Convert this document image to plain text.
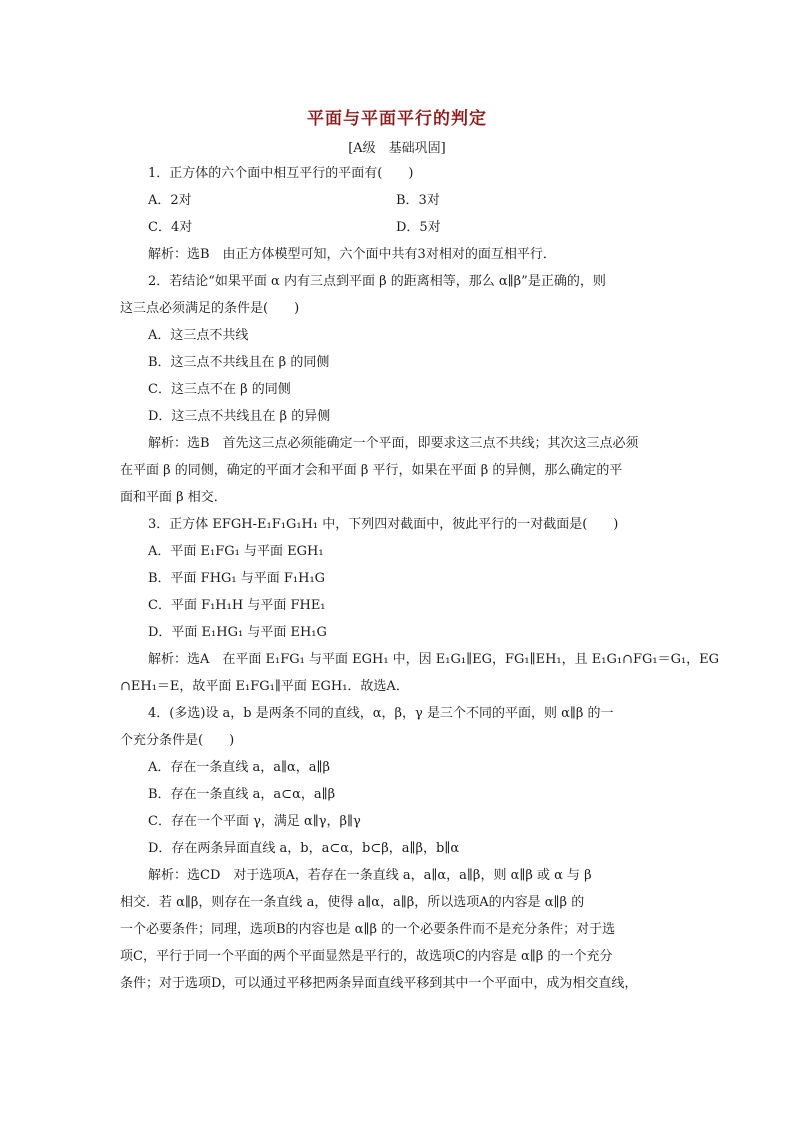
平面与平面平行的判定
[A级　基础巩固]
1．正方体的六个面中相互平行的平面有(　　)
A．2对	B．3对
C．4对	D．5对
解析：选B　由正方体模型可知，六个面中共有3对相对的面互相平行．
2．若结论“如果平面 α 内有三点到平面 β 的距离相等，那么 α∥β”是正确的，则
这三点必须满足的条件是(　　)
A．这三点不共线
B．这三点不共线且在 β 的同侧
C．这三点不在 β 的同侧
D．这三点不共线且在 β 的异侧
解析：选B　首先这三点必须能确定一个平面，即要求这三点不共线；其次这三点必须
在平面 β 的同侧，确定的平面才会和平面 β 平行，如果在平面 β 的异侧，那么确定的平
面和平面 β 相交．
3．正方体 EFGH-E₁F₁G₁H₁ 中，下列四对截面中，彼此平行的一对截面是(　　)
A．平面 E₁FG₁ 与平面 EGH₁
B．平面 FHG₁ 与平面 F₁H₁G
C．平面 F₁H₁H 与平面 FHE₁
D．平面 E₁HG₁ 与平面 EH₁G
解析：选A　在平面 E₁FG₁ 与平面 EGH₁ 中，因 E₁G₁∥EG，FG₁∥EH₁，且 E₁G₁∩FG₁＝G₁，EG
∩EH₁＝E，故平面 E₁FG₁∥平面 EGH₁．故选A．
4．(多选)设 a，b 是两条不同的直线，α，β，γ 是三个不同的平面，则 α∥β 的一
个充分条件是(　　)
A．存在一条直线 a，a∥α，a∥β
B．存在一条直线 a，a⊂α，a∥β
C．存在一个平面 γ，满足 α∥γ，β∥γ
D．存在两条异面直线 a，b，a⊂α，b⊂β，a∥β，b∥α
解析：选CD　对于选项A，若存在一条直线 a，a∥α，a∥β，则 α∥β 或 α 与 β
相交．若 α∥β，则存在一条直线 a，使得 a∥α，a∥β，所以选项A的内容是 α∥β 的
一个必要条件；同理，选项B的内容也是 α∥β 的一个必要条件而不是充分条件；对于选
项C，平行于同一个平面的两个平面显然是平行的，故选项C的内容是 α∥β 的一个充分
条件；对于选项D，可以通过平移把两条异面直线平移到其中一个平面中，成为相交直线，
